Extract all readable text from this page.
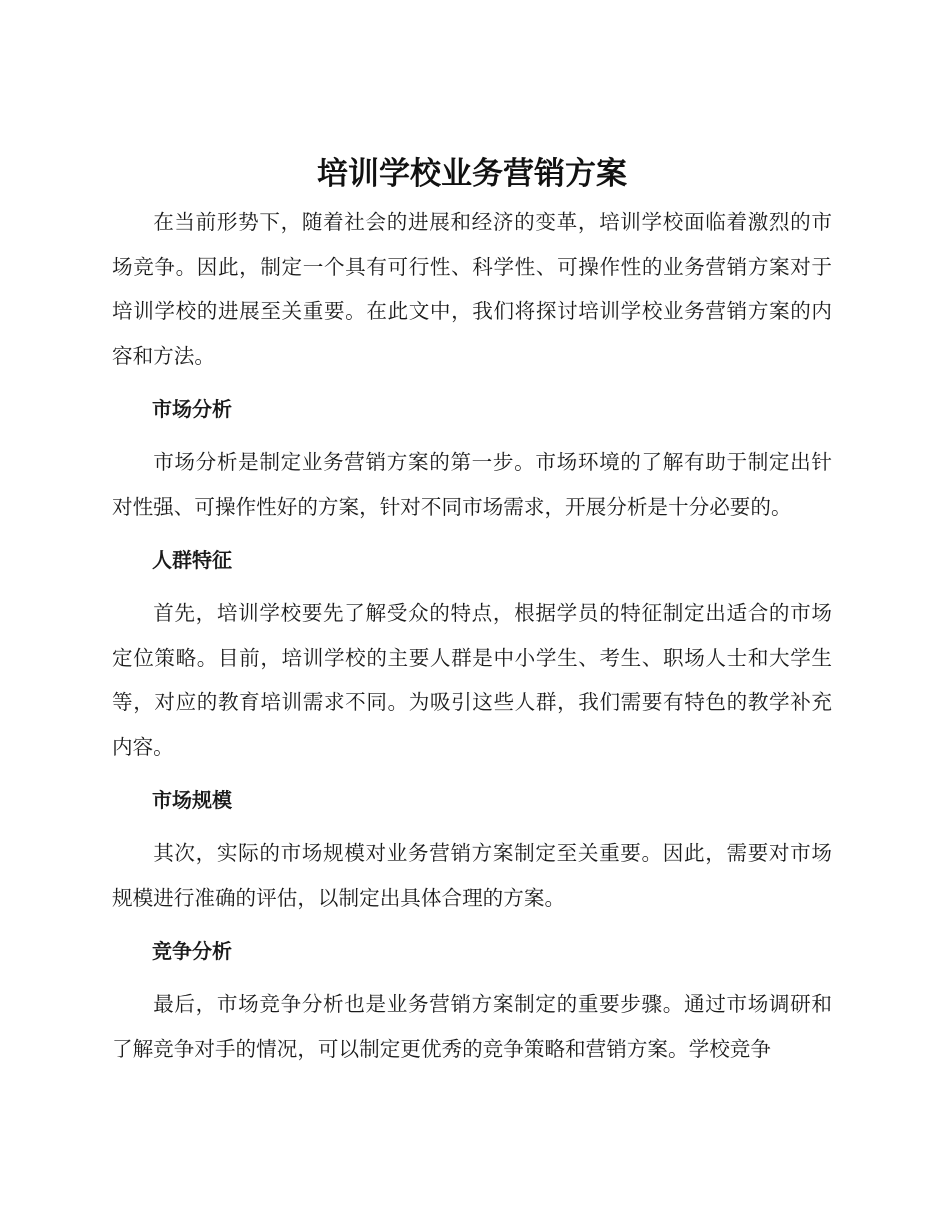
培训学校业务营销方案

在当前形势下，随着社会的进展和经济的变革，培训学校面临着激烈的市场竞争。因此，制定一个具有可行性、科学性、可操作性的业务营销方案对于培训学校的进展至关重要。在此文中，我们将探讨培训学校业务营销方案的内容和方法。

市场分析

市场分析是制定业务营销方案的第一步。市场环境的了解有助于制定出针对性强、可操作性好的方案，针对不同市场需求，开展分析是十分必要的。

人群特征

首先，培训学校要先了解受众的特点，根据学员的特征制定出适合的市场定位策略。目前，培训学校的主要人群是中小学生、考生、职场人士和大学生等，对应的教育培训需求不同。为吸引这些人群，我们需要有特色的教学补充内容。

市场规模

其次，实际的市场规模对业务营销方案制定至关重要。因此，需要对市场规模进行准确的评估，以制定出具体合理的方案。

竞争分析

最后，市场竞争分析也是业务营销方案制定的重要步骤。通过市场调研和了解竞争对手的情况，可以制定更优秀的竞争策略和营销方案。学校竞争
